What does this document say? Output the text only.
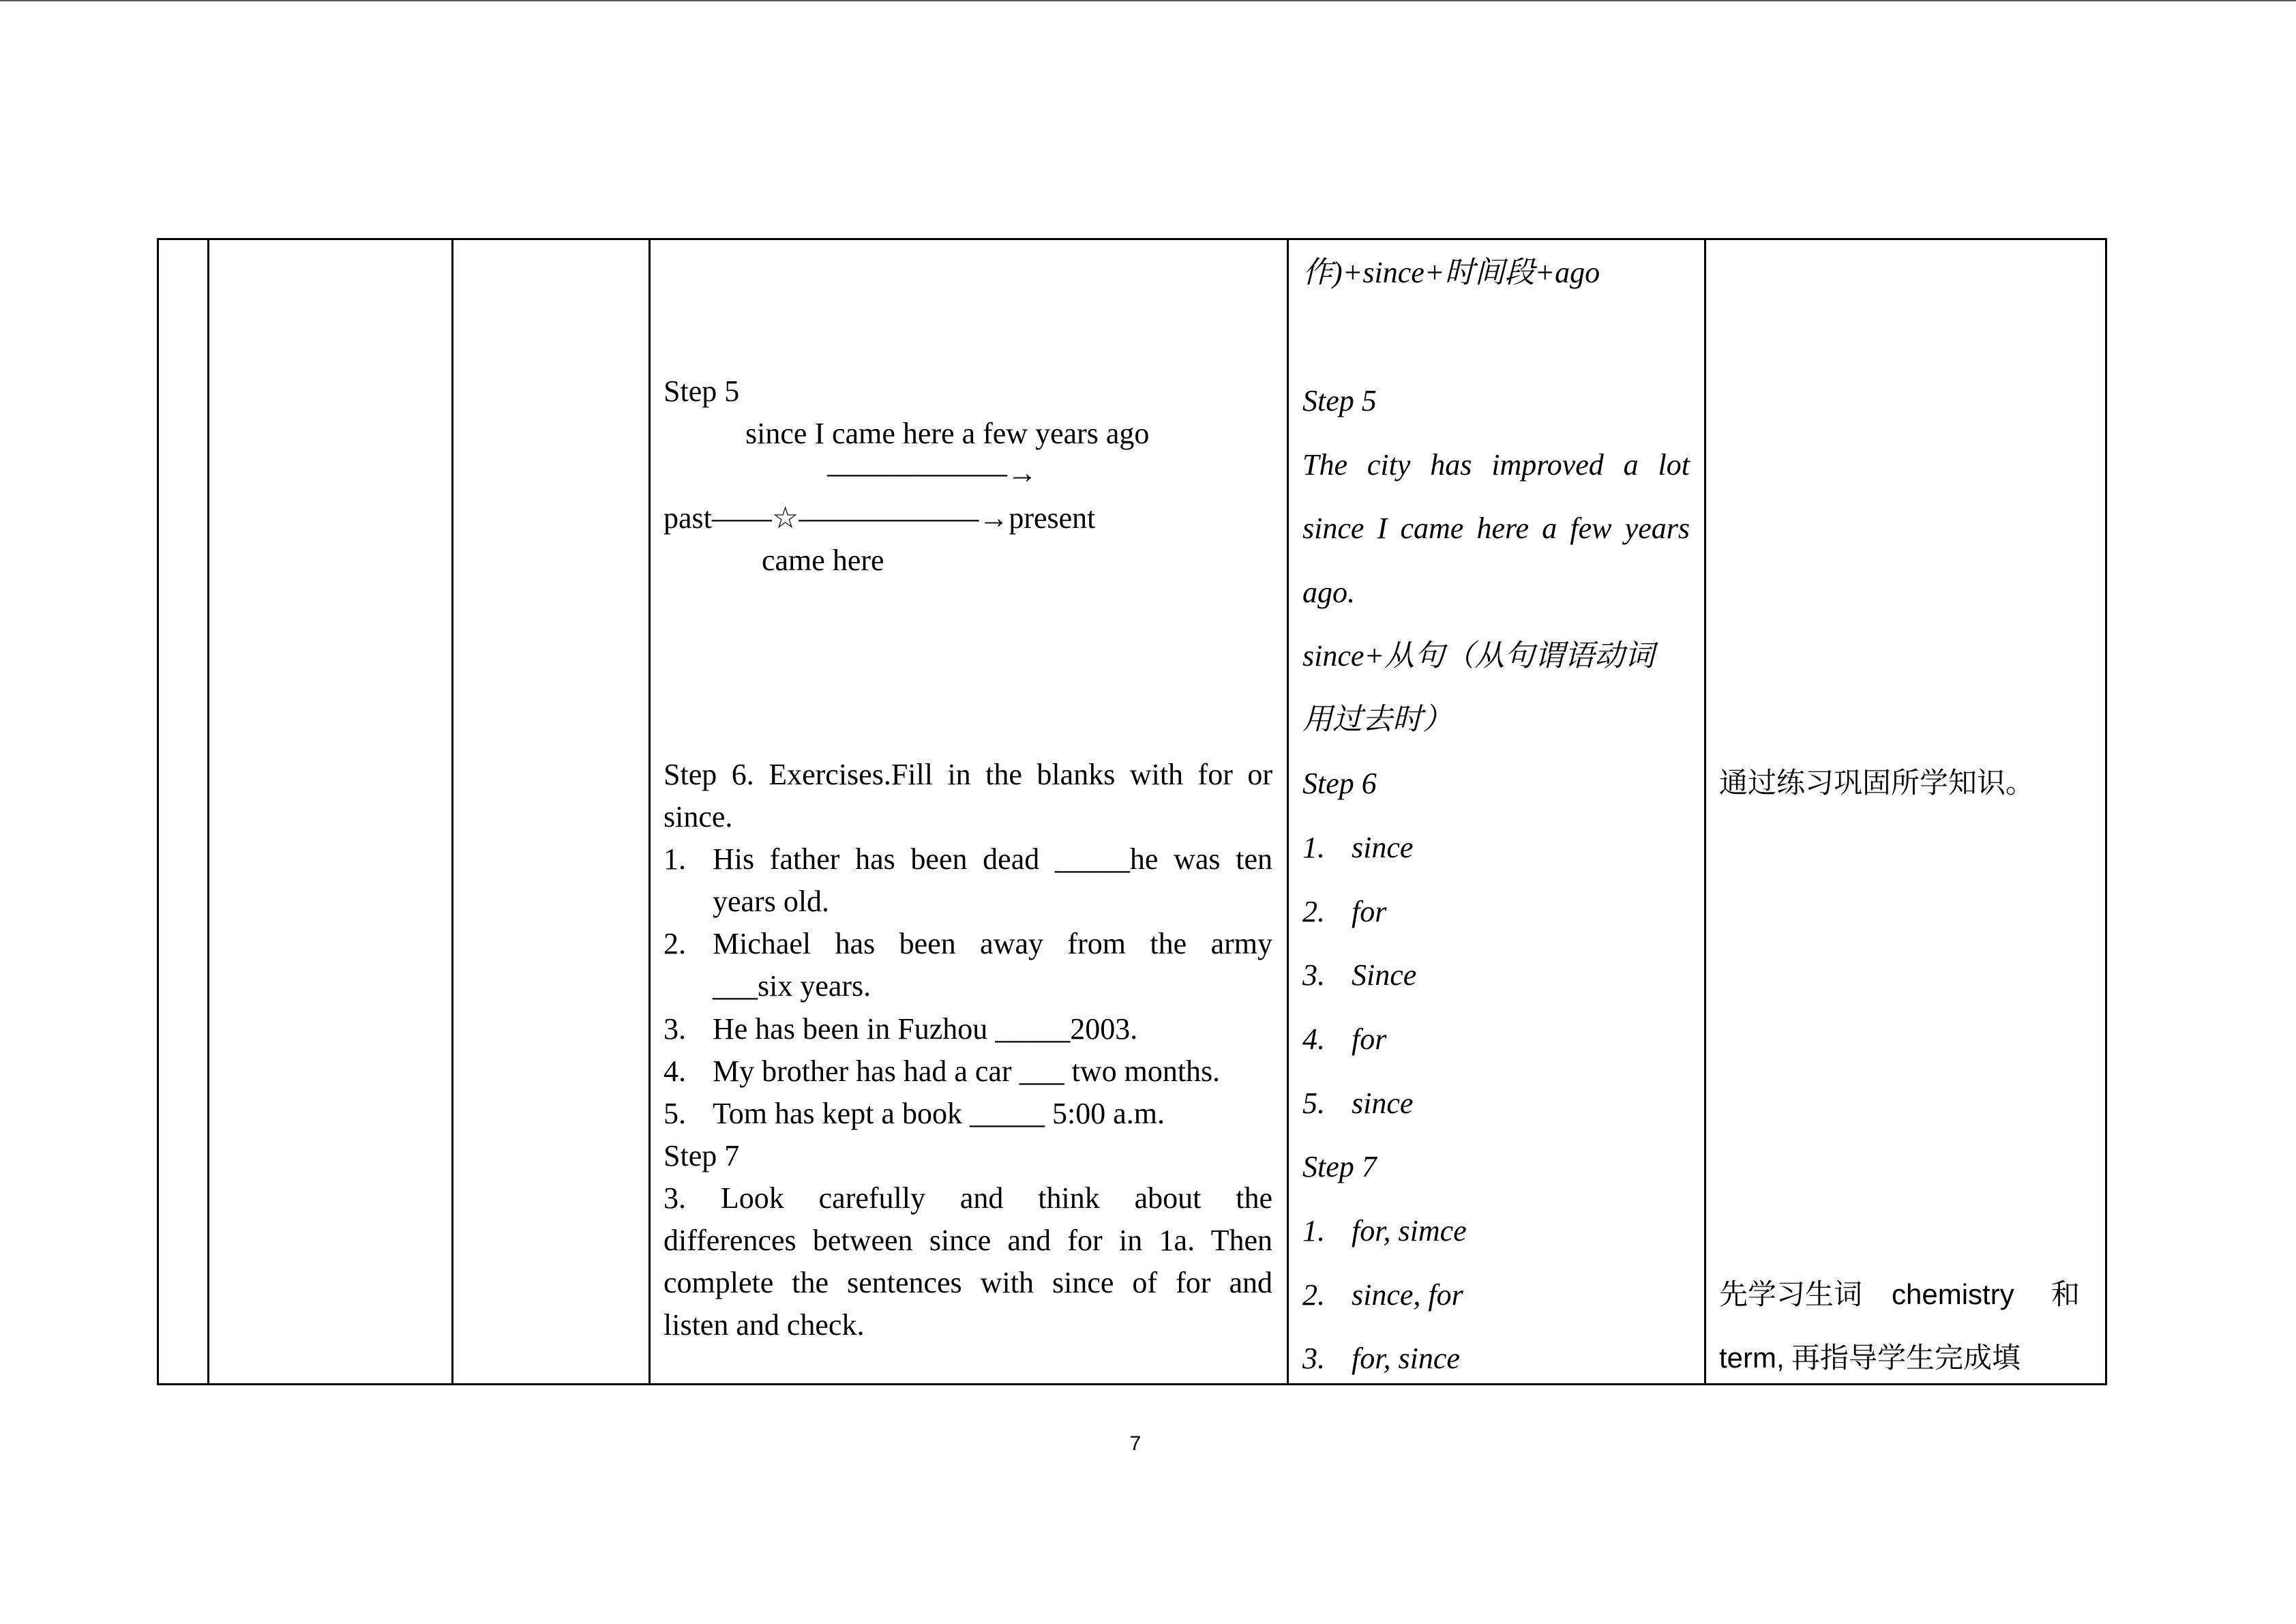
Step 5
since I came here a few years ago
——————→
past——☆——————→present
came here
Step 6. Exercises.Fill in the blanks with for or
since.
1. His father has been dead _____he was ten
years old.
2. Michael has been away from the army
___six years.
3. He has been in Fuzhou _____2003.
4. My brother has had a car ___ two months.
5. Tom has kept a book _____ 5:00 a.m.
Step 7
3. Look carefully and think about the
differences between since and for in 1a. Then
complete the sentences with since of for and
listen and check.
作)+since+时间段+ago
Step 5
The city has improved a lot
since I came here a few years
ago.
since+从句（从句谓语动词
用过去时）
Step 6
1. since
2. for
3. Since
4. for
5. since
Step 7
1. for, simce
2. since, for
3. for, since
通过练习巩固所学知识。
先学习生词 chemistry 和
term, 再指导学生完成填
7
